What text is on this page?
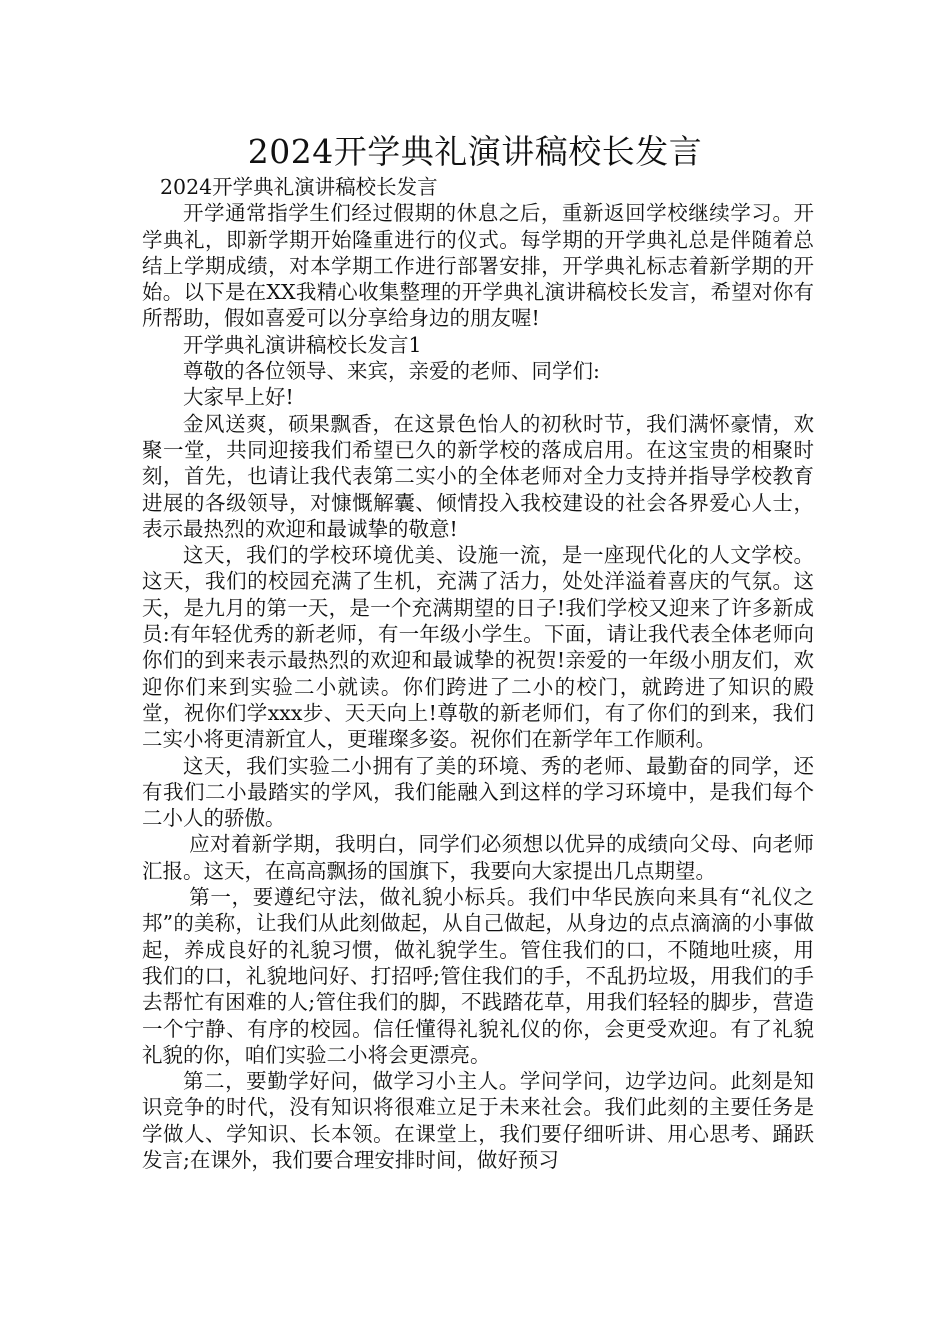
2024开学典礼演讲稿校长发言

2024开学典礼演讲稿校长发言

开学通常指学生们经过假期的休息之后，重新返回学校继续学习。开学典礼，即新学期开始隆重进行的仪式。每学期的开学典礼总是伴随着总结上学期成绩，对本学期工作进行部署安排，开学典礼标志着新学期的开始。以下是在XX我精心收集整理的开学典礼演讲稿校长发言，希望对你有所帮助，假如喜爱可以分享给身边的朋友喔!

开学典礼演讲稿校长发言1

尊敬的各位领导、来宾，亲爱的老师、同学们:

大家早上好!

金风送爽，硕果飘香，在这景色怡人的初秋时节，我们满怀豪情，欢聚一堂，共同迎接我们希望已久的新学校的落成启用。在这宝贵的相聚时刻，首先，也请让我代表第二实小的全体老师对全力支持并指导学校教育进展的各级领导，对慷慨解囊、倾情投入我校建设的社会各界爱心人士，表示最热烈的欢迎和最诚挚的敬意!

这天，我们的学校环境优美、设施一流，是一座现代化的人文学校。这天，我们的校园充满了生机，充满了活力，处处洋溢着喜庆的气氛。这天，是九月的第一天，是一个充满期望的日子!我们学校又迎来了许多新成员:有年轻优秀的新老师，有一年级小学生。下面，请让我代表全体老师向你们的到来表示最热烈的欢迎和最诚挚的祝贺!亲爱的一年级小朋友们，欢迎你们来到实验二小就读。你们跨进了二小的校门，就跨进了知识的殿堂，祝你们学xxx步、天天向上!尊敬的新老师们，有了你们的到来，我们二实小将更清新宜人，更璀璨多姿。祝你们在新学年工作顺利。

这天，我们实验二小拥有了美的环境、秀的老师、最勤奋的同学，还有我们二小最踏实的学风，我们能融入到这样的学习环境中，是我们每个二小人的骄傲。

应对着新学期，我明白，同学们必须想以优异的成绩向父母、向老师汇报。这天，在高高飘扬的国旗下，我要向大家提出几点期望。

第一，要遵纪守法，做礼貌小标兵。我们中华民族向来具有“礼仪之邦”的美称，让我们从此刻做起，从自己做起，从身边的点点滴滴的小事做起，养成良好的礼貌习惯，做礼貌学生。管住我们的口，不随地吐痰，用我们的口，礼貌地问好、打招呼;管住我们的手，不乱扔垃圾，用我们的手去帮忙有困难的人;管住我们的脚，不践踏花草，用我们轻轻的脚步，营造一个宁静、有序的校园。信任懂得礼貌礼仪的你，会更受欢迎。有了礼貌礼貌的你，咱们实验二小将会更漂亮。

第二，要勤学好问，做学习小主人。学问学问，边学边问。此刻是知识竞争的时代，没有知识将很难立足于未来社会。我们此刻的主要任务是学做人、学知识、长本领。在课堂上，我们要仔细听讲、用心思考、踊跃发言;在课外，我们要合理安排时间，做好预习
